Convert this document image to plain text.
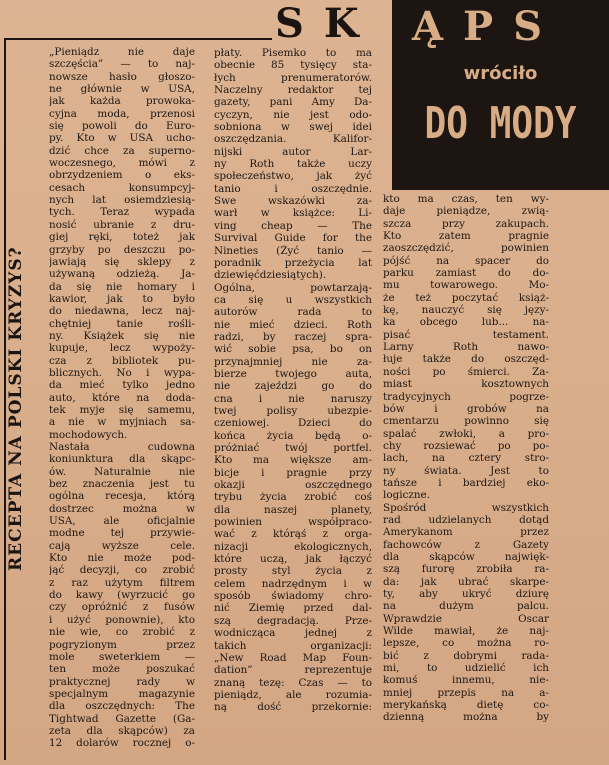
RECEPTA NA POLSKI KRYZYS?
SK ĄPS
wróciło
DO MODY
„Pieniądz nie daje
szczęścia” — to naj-
nowsze hasło głoszo-
ne głównie w USA,
jak każda prowoka-
cyjna moda, przenosi
się powoli do Euro-
py. Kto w USA ucho-
dzić chce za superno-
woczesnego, mówi z
obrzydzeniem o eks-
cesach konsumpcyj-
nych lat osiemdziesią-
tych. Teraz wypada
nosić ubranie z dru-
giej ręki, toteż jak
grzyby po deszczu po-
jawiają się sklepy z
używaną odzieżą. Ja-
da się nie homary i
kawior, jak to było
do niedawna, lecz naj-
chętniej tanie rośli-
ny. Książek się nie
kupuje, lecz wypoży-
cza z bibliotek pu-
blicznych. No i wypa-
da mieć tylko jedno
auto, które na doda-
tek myje się samemu,
a nie w myjniach sa-
mochodowych.
Nastała cudowna
koniunktura dla skąpc-
ów. Naturalnie nie
bez znaczenia jest tu
ogólna recesja, którą
dostrzec można w
USA, ale oficjalnie
modne tej przywie-
cają wyższe cele.
Kto nie może pod-
jąć decyzji, co zrobić
z raz użytym filtrem
do kawy (wyrzucić go
czy opróżnić z fusów
i użyć ponownie), kto
nie wie, co zrobić z
pogryzionym przez
mole sweterkiem —
ten może poszukać
praktycznej rady w
specjalnym magazynie
dla oszczędnych: The
Tightwad Gazette (Ga-
zeta dla skąpców) za
12 dolarów rocznej o-
płaty. Pisemko to ma
obecnie 85 tysięcy sta-
łych prenumeratorów.
Naczelny redaktor tej
gazety, pani Amy Da-
cyczyn, nie jest odo-
sobniona w swej idei
oszczędzania. Kalifor-
nijski autor Lar-
ny Roth także uczy
społeczeństwo, jak żyć
tanio i oszczędnie.
Swe wskazówki za-
warł w książce: Li-
ving cheap — The
Survival Guide for the
Nineties (Żyć tanio —
poradnik przeżycia lat
dziewięćdziesiątych).
Ogólna, powtarzają-
ca się u wszystkich
autorów rada to
nie mieć dzieci. Roth
radzi, by raczej spra-
wić sobie psa, bo on
przynajmniej nie za-
bierze twojego auta,
nie zajeździ go do
cna i nie naruszy
twej polisy ubezpie-
czeniowej. Dzieci do
końca życia będą o-
próżniać twój portfel.
Kto ma większe am-
bicje i pragnie przy
okazji oszczędnego
trybu życia zrobić coś
dla naszej planety,
powinien współpraco-
wać z którąś z orga-
nizacji ekologicznych,
które uczą, jak łączyć
prosty styl życia z
celem nadrzędnym i w
sposób świadomy chro-
nić Ziemię przed dal-
szą degradacją. Prze-
wodnicząca jednej z
takich organizacji:
„New Road Map Foun-
dation” reprezentuje
znaną tezę: Czas — to
pieniądz, ale rozumia-
ną dość przekornie:
kto ma czas, ten wy-
daje pieniądze, zwią-
szcza przy zakupach.
Kto zatem pragnie
zaoszczędzić, powinien
pójść na spacer do
parku zamiast do do-
mu towarowego. Mo-
że też poczytać książ-
kę, nauczyć się języ-
ka obcego lub... na-
pisać testament.
Larny Roth nawo-
łuje także do oszczęd-
ności po śmierci. Za-
miast kosztownych
tradycyjnych pogrze-
bów i grobów na
cmentarzu powinno się
spalać zwłoki, a pro-
chy rozsiewać po po-
lach, na cztery stro-
ny świata. Jest to
tańsze i bardziej eko-
logiczne.
Spośród wszystkich
rad udzielanych dotąd
Amerykanom przez
fachowców z Gazety
dla skąpców najwięk-
szą furorę zrobiła ra-
da: jak ubrać skarpe-
ty, aby ukryć dziurę
na dużym palcu.
Wprawdzie Oscar
Wilde mawiał, że naj-
lepsze, co można ro-
bić z dobrymi rada-
mi, to udzielić ich
komuś innemu, nie-
mniej przepis na a-
merykańską dietę co-
dzienną można by
